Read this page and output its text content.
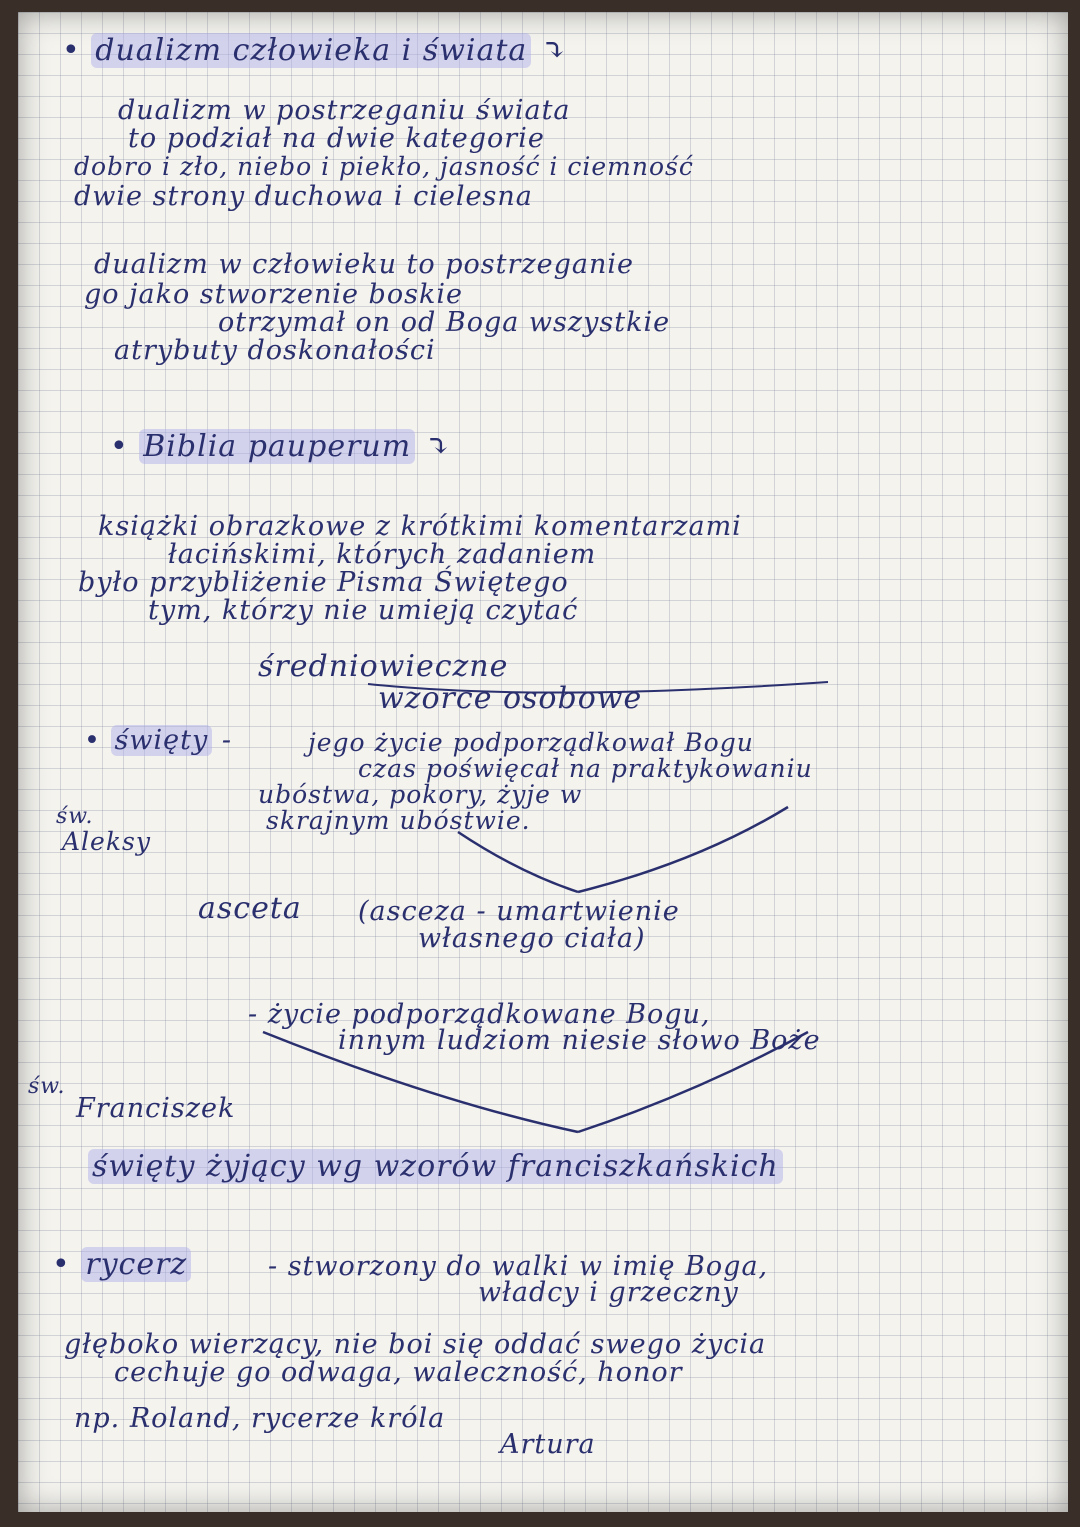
• dualizm człowieka i świata ⤵
dualizm w postrzeganiu świata
to podział na dwie kategorie
dobro i zło, niebo i piekło, jasność i ciemność
dwie strony duchowa i cielesna
dualizm w człowieku to postrzeganie
go jako stworzenie boskie
otrzymał on od Boga wszystkie
atrybuty doskonałości
• Biblia pauperum ⤵
książki obrazkowe z krótkimi komentarzami
łacińskimi, których zadaniem
było przybliżenie Pisma Świętego
tym, którzy nie umieją czytać
średniowieczne
wzorce osobowe
• święty -	jego życie podporządkował Bogu
czas poświęcał na praktykowaniu
ubóstwa, pokory, żyje w
skrajnym ubóstwie.
św.
Aleksy
asceta (asceza - umartwienie
własnego ciała)
- życie podporządkowane Bogu,
innym ludziom niesie słowo Boże
św.
Franciszek
święty żyjący wg wzorów franciszkańskich
• rycerz	- stworzony do walki w imię Boga,
władcy i grzeczny
głęboko wierzący, nie boi się oddać swego życia
cechuje go odwaga, waleczność, honor
np. Roland, rycerze króla
Artura
